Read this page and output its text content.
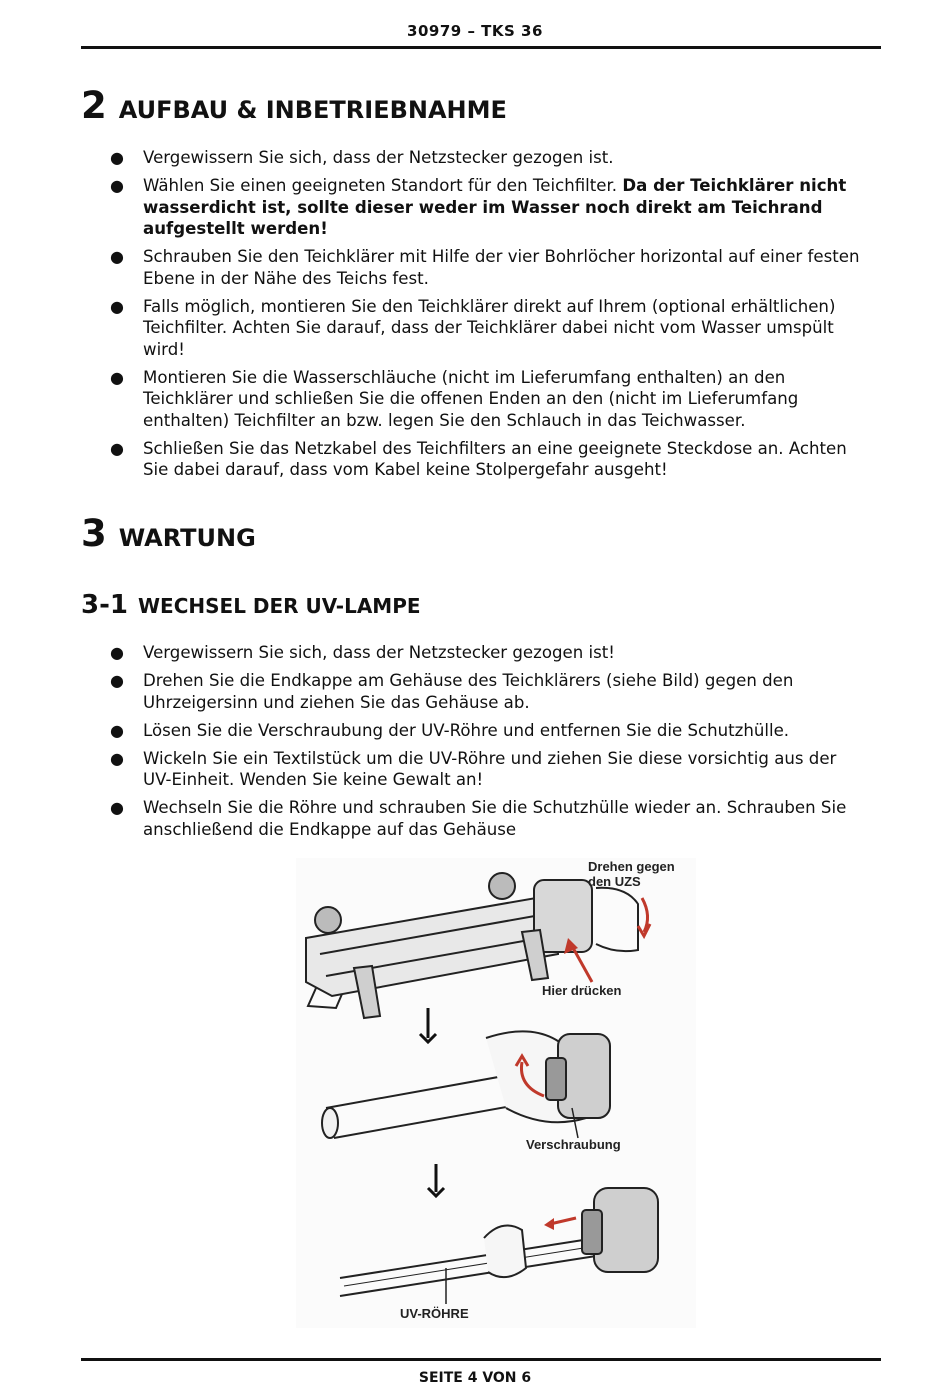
30979 – TKS 36
2 AUFBAU & INBETRIEBNAHME
● Vergewissern Sie sich, dass der Netzstecker gezogen ist.
● Wählen Sie einen geeigneten Standort für den Teichfilter. Da der Teichklärer nicht wasserdicht ist, sollte dieser weder im Wasser noch direkt am Teichrand aufgestellt werden!
● Schrauben Sie den Teichklärer mit Hilfe der vier Bohrlöcher horizontal auf einer festen Ebene in der Nähe des Teichs fest.
● Falls möglich, montieren Sie den Teichklärer direkt auf Ihrem (optional erhältlichen) Teichfilter. Achten Sie darauf, dass der Teichklärer dabei nicht vom Wasser umspült wird!
● Montieren Sie die Wasserschläuche (nicht im Lieferumfang enthalten) an den Teichklärer und schließen Sie die offenen Enden an den (nicht im Lieferumfang enthalten) Teichfilter an bzw. legen Sie den Schlauch in das Teichwasser.
● Schließen Sie das Netzkabel des Teichfilters an eine geeignete Steckdose an. Achten Sie dabei darauf, dass vom Kabel keine Stolpergefahr ausgeht!
3 WARTUNG
3-1 WECHSEL DER UV-LAMPE
● Vergewissern Sie sich, dass der Netzstecker gezogen ist!
● Drehen Sie die Endkappe am Gehäuse des Teichklärers (siehe Bild) gegen den Uhrzeigersinn und ziehen Sie das Gehäuse ab.
● Lösen Sie die Verschraubung der UV-Röhre und entfernen Sie die Schutzhülle.
● Wickeln Sie ein Textilstück um die UV-Röhre und ziehen Sie diese vorsichtig aus der UV-Einheit. Wenden Sie keine Gewalt an!
● Wechseln Sie die Röhre und schrauben Sie die Schutzhülle wieder an. Schrauben Sie anschließend die Endkappe auf das Gehäuse
Drehen gegen den UZS
Hier drücken
Verschraubung
UV-RÖHRE
SEITE 4 VON 6
